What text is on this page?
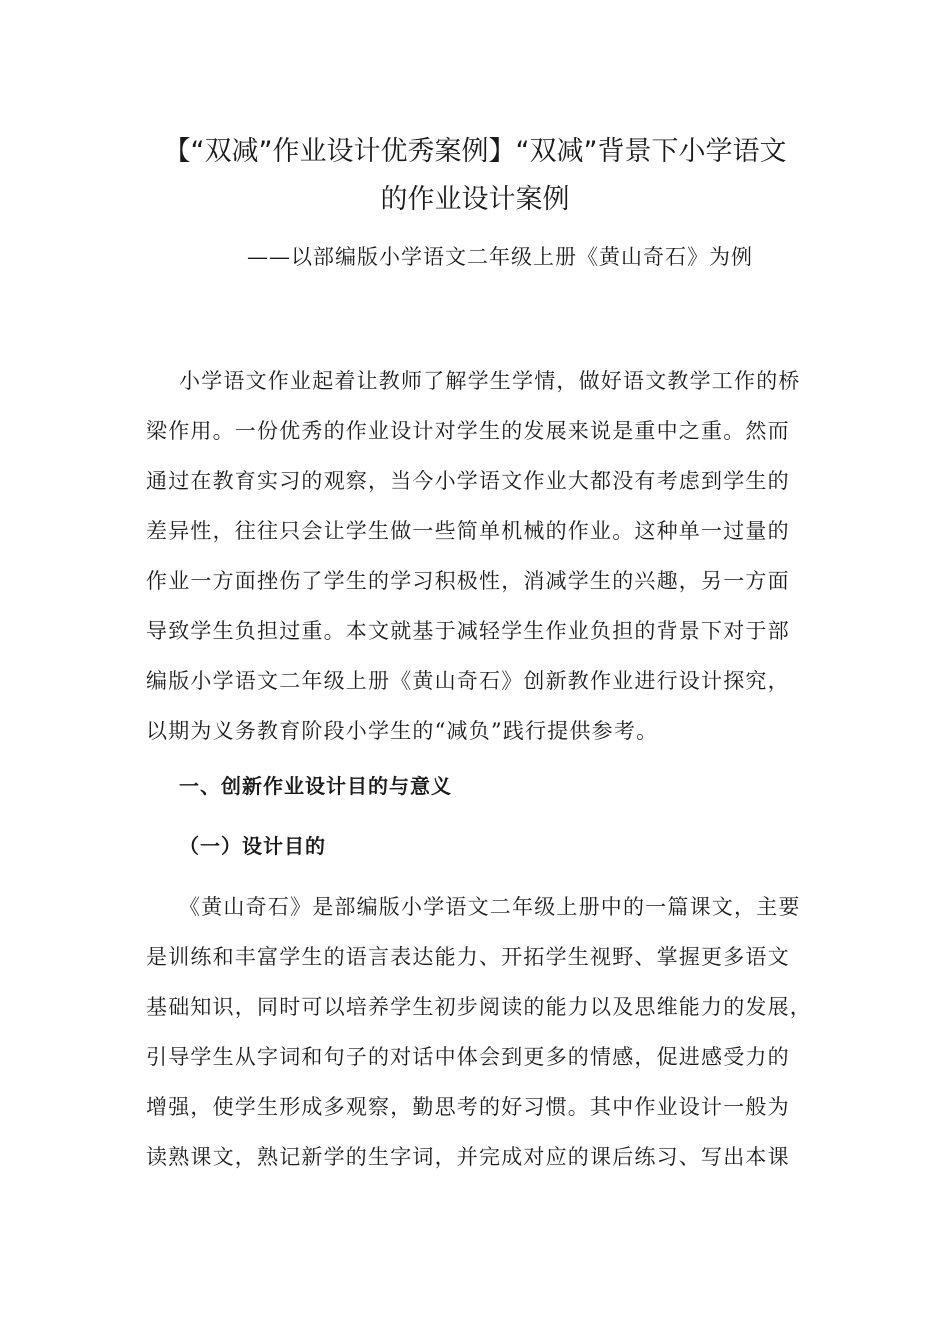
【“双减”作业设计优秀案例】“双减”背景下小学语文
的作业设计案例
——以部编版小学语文二年级上册《黄山奇石》为例

小学语文作业起着让教师了解学生学情，做好语文教学工作的桥
梁作用。一份优秀的作业设计对学生的发展来说是重中之重。然而
通过在教育实习的观察，当今小学语文作业大都没有考虑到学生的
差异性，往往只会让学生做一些简单机械的作业。这种单一过量的
作业一方面挫伤了学生的学习积极性，消减学生的兴趣，另一方面
导致学生负担过重。本文就基于减轻学生作业负担的背景下对于部
编版小学语文二年级上册《黄山奇石》创新教作业进行设计探究，
以期为义务教育阶段小学生的“减负”践行提供参考。

一、创新作业设计目的与意义
（一）设计目的

《黄山奇石》是部编版小学语文二年级上册中的一篇课文，主要
是训练和丰富学生的语言表达能力、开拓学生视野、掌握更多语文
基础知识，同时可以培养学生初步阅读的能力以及思维能力的发展，
引导学生从字词和句子的对话中体会到更多的情感，促进感受力的
增强，使学生形成多观察，勤思考的好习惯。其中作业设计一般为
读熟课文，熟记新学的生字词，并完成对应的课后练习、写出本课
